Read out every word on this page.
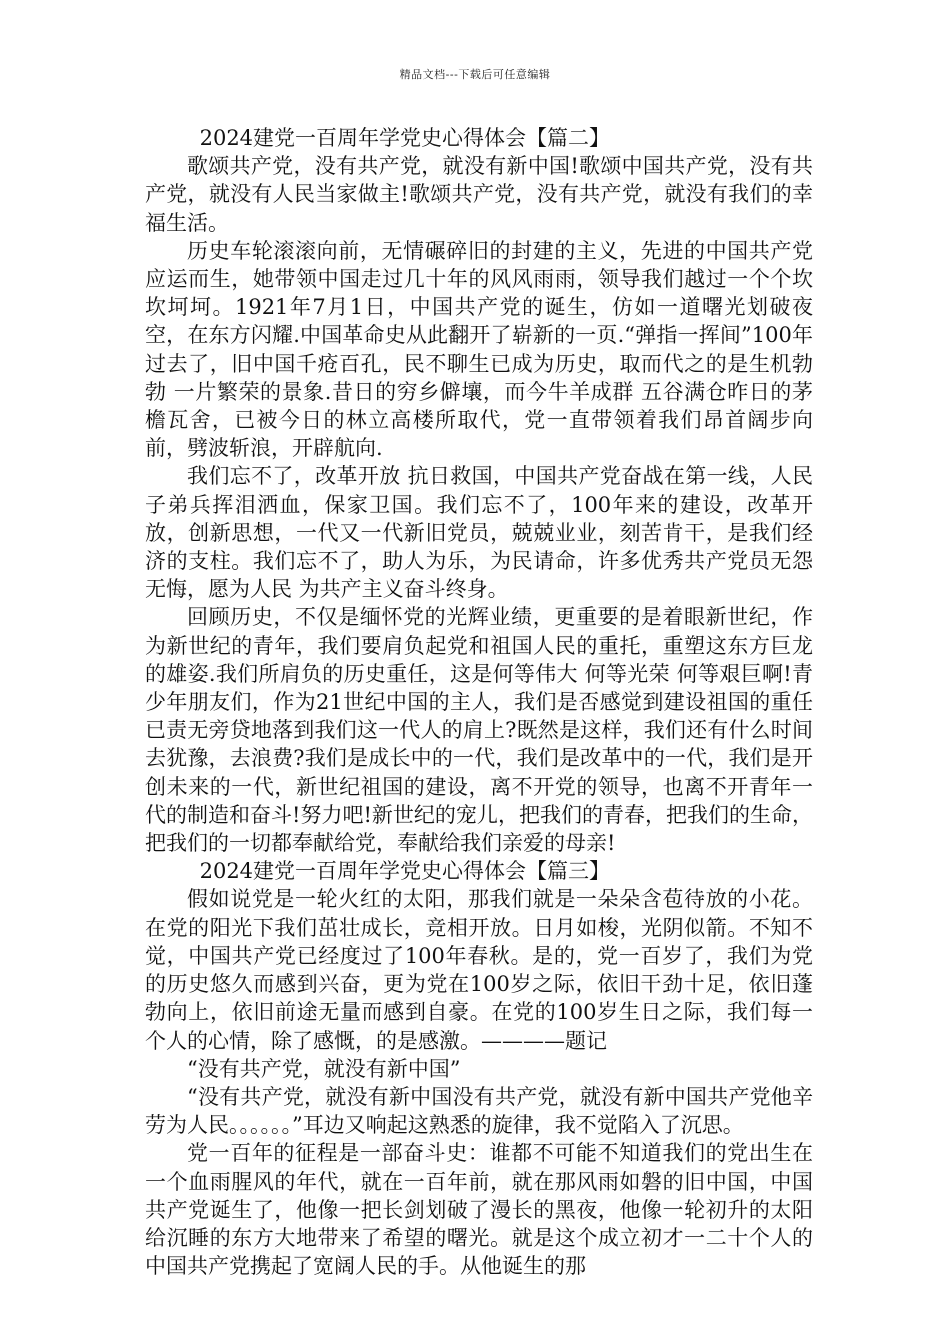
精品文档---下载后可任意编辑

2024建党一百周年学党史心得体会【篇二】

歌颂共产党，没有共产党，就没有新中国!歌颂中国共产党，没有共产党，就没有人民当家做主!歌颂共产党，没有共产党，就没有我们的幸福生活。

历史车轮滚滚向前，无情碾碎旧的封建的主义，先进的中国共产党应运而生，她带领中国走过几十年的风风雨雨，领导我们越过一个个坎坎坷坷。1921年7月1日，中国共产党的诞生，仿如一道曙光划破夜空，在东方闪耀.中国革命史从此翻开了崭新的一页.“弹指一挥间”100年过去了，旧中国千疮百孔，民不聊生已成为历史，取而代之的是生机勃勃 一片繁荣的景象.昔日的穷乡僻壤，而今牛羊成群 五谷满仓昨日的茅檐瓦舍，已被今日的林立高楼所取代，党一直带领着我们昂首阔步向前，劈波斩浪，开辟航向.

我们忘不了，改革开放 抗日救国，中国共产党奋战在第一线，人民子弟兵挥泪洒血，保家卫国。我们忘不了，100年来的建设，改革开放，创新思想，一代又一代新旧党员，兢兢业业，刻苦肯干，是我们经济的支柱。我们忘不了，助人为乐，为民请命，许多优秀共产党员无怨无悔，愿为人民 为共产主义奋斗终身。

回顾历史，不仅是缅怀党的光辉业绩，更重要的是着眼新世纪，作为新世纪的青年，我们要肩负起党和祖国人民的重托，重塑这东方巨龙的雄姿.我们所肩负的历史重任，这是何等伟大 何等光荣 何等艰巨啊!青少年朋友们，作为21世纪中国的主人，我们是否感觉到建设祖国的重任已责无旁贷地落到我们这一代人的肩上?既然是这样，我们还有什么时间去犹豫，去浪费?我们是成长中的一代，我们是改革中的一代，我们是开创未来的一代，新世纪祖国的建设，离不开党的领导，也离不开青年一代的制造和奋斗!努力吧!新世纪的宠儿，把我们的青春，把我们的生命，把我们的一切都奉献给党，奉献给我们亲爱的母亲!

2024建党一百周年学党史心得体会【篇三】

假如说党是一轮火红的太阳，那我们就是一朵朵含苞待放的小花。在党的阳光下我们茁壮成长，竞相开放。日月如梭，光阴似箭。不知不觉，中国共产党已经度过了100年春秋。是的，党一百岁了，我们为党的历史悠久而感到兴奋，更为党在100岁之际，依旧干劲十足，依旧蓬勃向上，依旧前途无量而感到自豪。在党的100岁生日之际，我们每一个人的心情，除了感慨，的是感激。————题记

“没有共产党，就没有新中国”

“没有共产党，就没有新中国没有共产党，就没有新中国共产党他辛劳为人民。。。。。。”耳边又响起这熟悉的旋律，我不觉陷入了沉思。

党一百年的征程是一部奋斗史：谁都不可能不知道我们的党出生在一个血雨腥风的年代，就在一百年前，就在那风雨如磐的旧中国，中国共产党诞生了，他像一把长剑划破了漫长的黑夜，他像一轮初升的太阳给沉睡的东方大地带来了希望的曙光。就是这个成立初才一二十个人的中国共产党携起了宽阔人民的手。从他诞生的那
